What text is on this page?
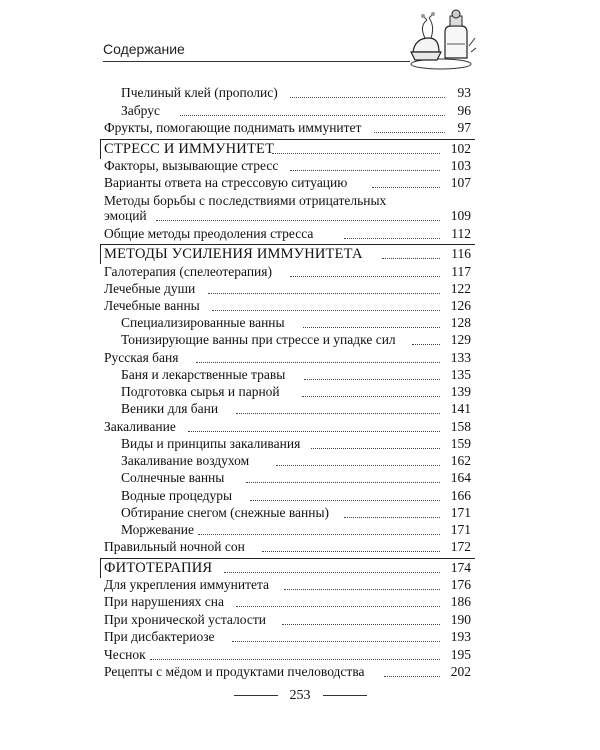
Содержание
Пчелиный клей (прополис)	93
Забрус	96
Фрукты, помогающие поднимать иммунитет	97
СТРЕСС И ИММУНИТЕТ	102
Факторы, вызывающие стресс	103
Варианты ответа на стрессовую ситуацию	107
Методы борьбы с последствиями отрицательных
эмоций	109
Общие методы преодоления стресса	112
МЕТОДЫ УСИЛЕНИЯ ИММУНИТЕТА	116
Галотерапия (спелеотерапия)	117
Лечебные души	122
Лечебные ванны	126
Специализированные ванны	128
Тонизирующие ванны при стрессе и упадке сил	129
Русская баня	133
Баня и лекарственные травы	135
Подготовка сырья и парной	139
Веники для бани	141
Закаливание	158
Виды и принципы закаливания	159
Закаливание воздухом	162
Солнечные ванны	164
Водные процедуры	166
Обтирание снегом (снежные ванны)	171
Моржевание	171
Правильный ночной сон	172
ФИТОТЕРАПИЯ	174
Для укрепления иммунитета	176
При нарушениях сна	186
При хронической усталости	190
При дисбактериозе	193
Чеснок	195
Рецепты с мёдом и продуктами пчеловодства	202
253
